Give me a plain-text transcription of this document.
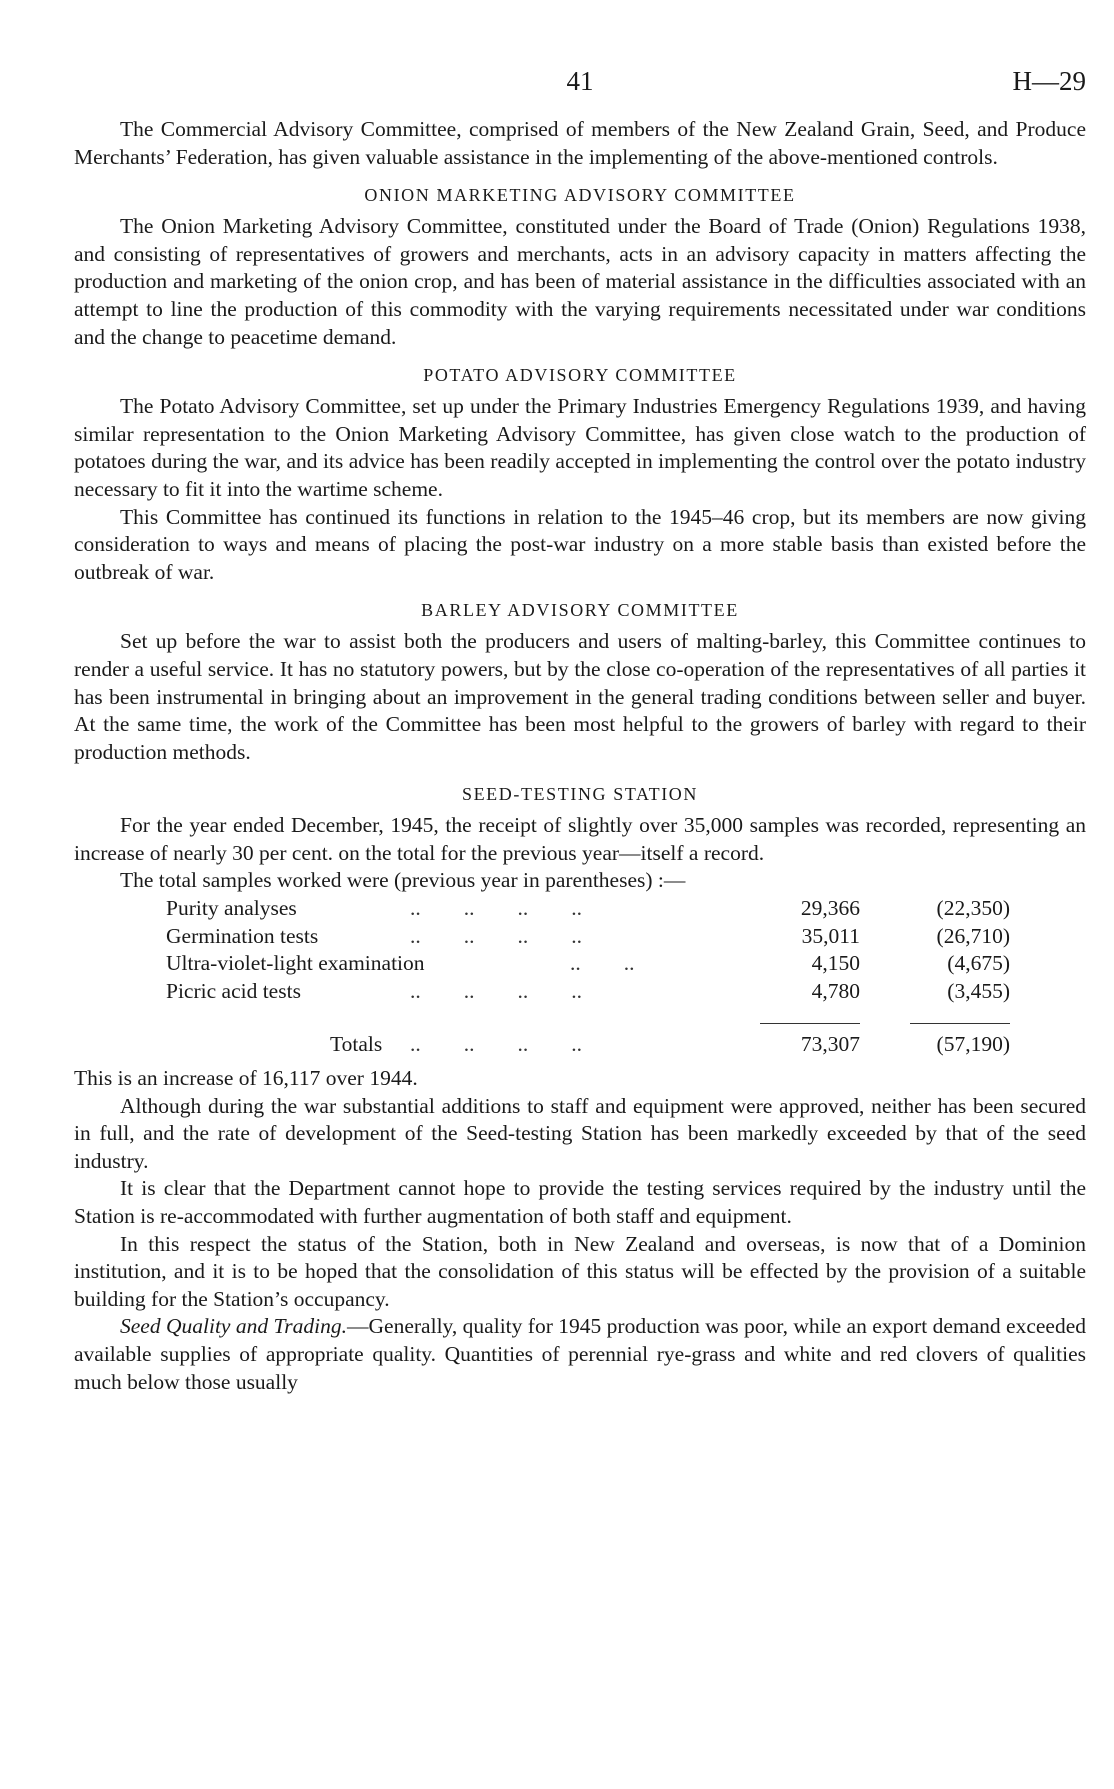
41	H—29

The Commercial Advisory Committee, comprised of members of the New Zealand Grain, Seed, and Produce Merchants’ Federation, has given valuable assistance in the implementing of the above-mentioned controls.

ONION MARKETING ADVISORY COMMITTEE

The Onion Marketing Advisory Committee, constituted under the Board of Trade (Onion) Regulations 1938, and consisting of representatives of growers and merchants, acts in an advisory capacity in matters affecting the production and marketing of the onion crop, and has been of material assistance in the difficulties associated with an attempt to line the production of this commodity with the varying requirements necessitated under war conditions and the change to peacetime demand.

POTATO ADVISORY COMMITTEE

The Potato Advisory Committee, set up under the Primary Industries Emergency Regulations 1939, and having similar representation to the Onion Marketing Advisory Committee, has given close watch to the production of potatoes during the war, and its advice has been readily accepted in implementing the control over the potato industry necessary to fit it into the wartime scheme.

This Committee has continued its functions in relation to the 1945–46 crop, but its members are now giving consideration to ways and means of placing the post-war industry on a more stable basis than existed before the outbreak of war.

BARLEY ADVISORY COMMITTEE

Set up before the war to assist both the producers and users of malting-barley, this Committee continues to render a useful service. It has no statutory powers, but by the close co-operation of the representatives of all parties it has been instrumental in bringing about an improvement in the general trading conditions between seller and buyer. At the same time, the work of the Committee has been most helpful to the growers of barley with regard to their production methods.

SEED-TESTING STATION

For the year ended December, 1945, the receipt of slightly over 35,000 samples was recorded, representing an increase of nearly 30 per cent. on the total for the previous year—itself a record.

The total samples worked were (previous year in parentheses) :—

Purity analyses	..        ..        ..        ..	29,366	(22,350)
Germination tests	..        ..        ..        ..	35,011	(26,710)
Ultra-violet-light examination	..        ..	4,150	(4,675)
Picric acid tests	..        ..        ..        ..	4,780	(3,455)
Totals ..        ..        ..        ..	73,307	(57,190)

This is an increase of 16,117 over 1944.

Although during the war substantial additions to staff and equipment were approved, neither has been secured in full, and the rate of development of the Seed-testing Station has been markedly exceeded by that of the seed industry.

It is clear that the Department cannot hope to provide the testing services required by the industry until the Station is re-accommodated with further augmentation of both staff and equipment.

In this respect the status of the Station, both in New Zealand and overseas, is now that of a Dominion institution, and it is to be hoped that the consolidation of this status will be effected by the provision of a suitable building for the Station’s occupancy.

Seed Quality and Trading.—Generally, quality for 1945 production was poor, while an export demand exceeded available supplies of appropriate quality. Quantities of perennial rye-grass and white and red clovers of qualities much below those usually
